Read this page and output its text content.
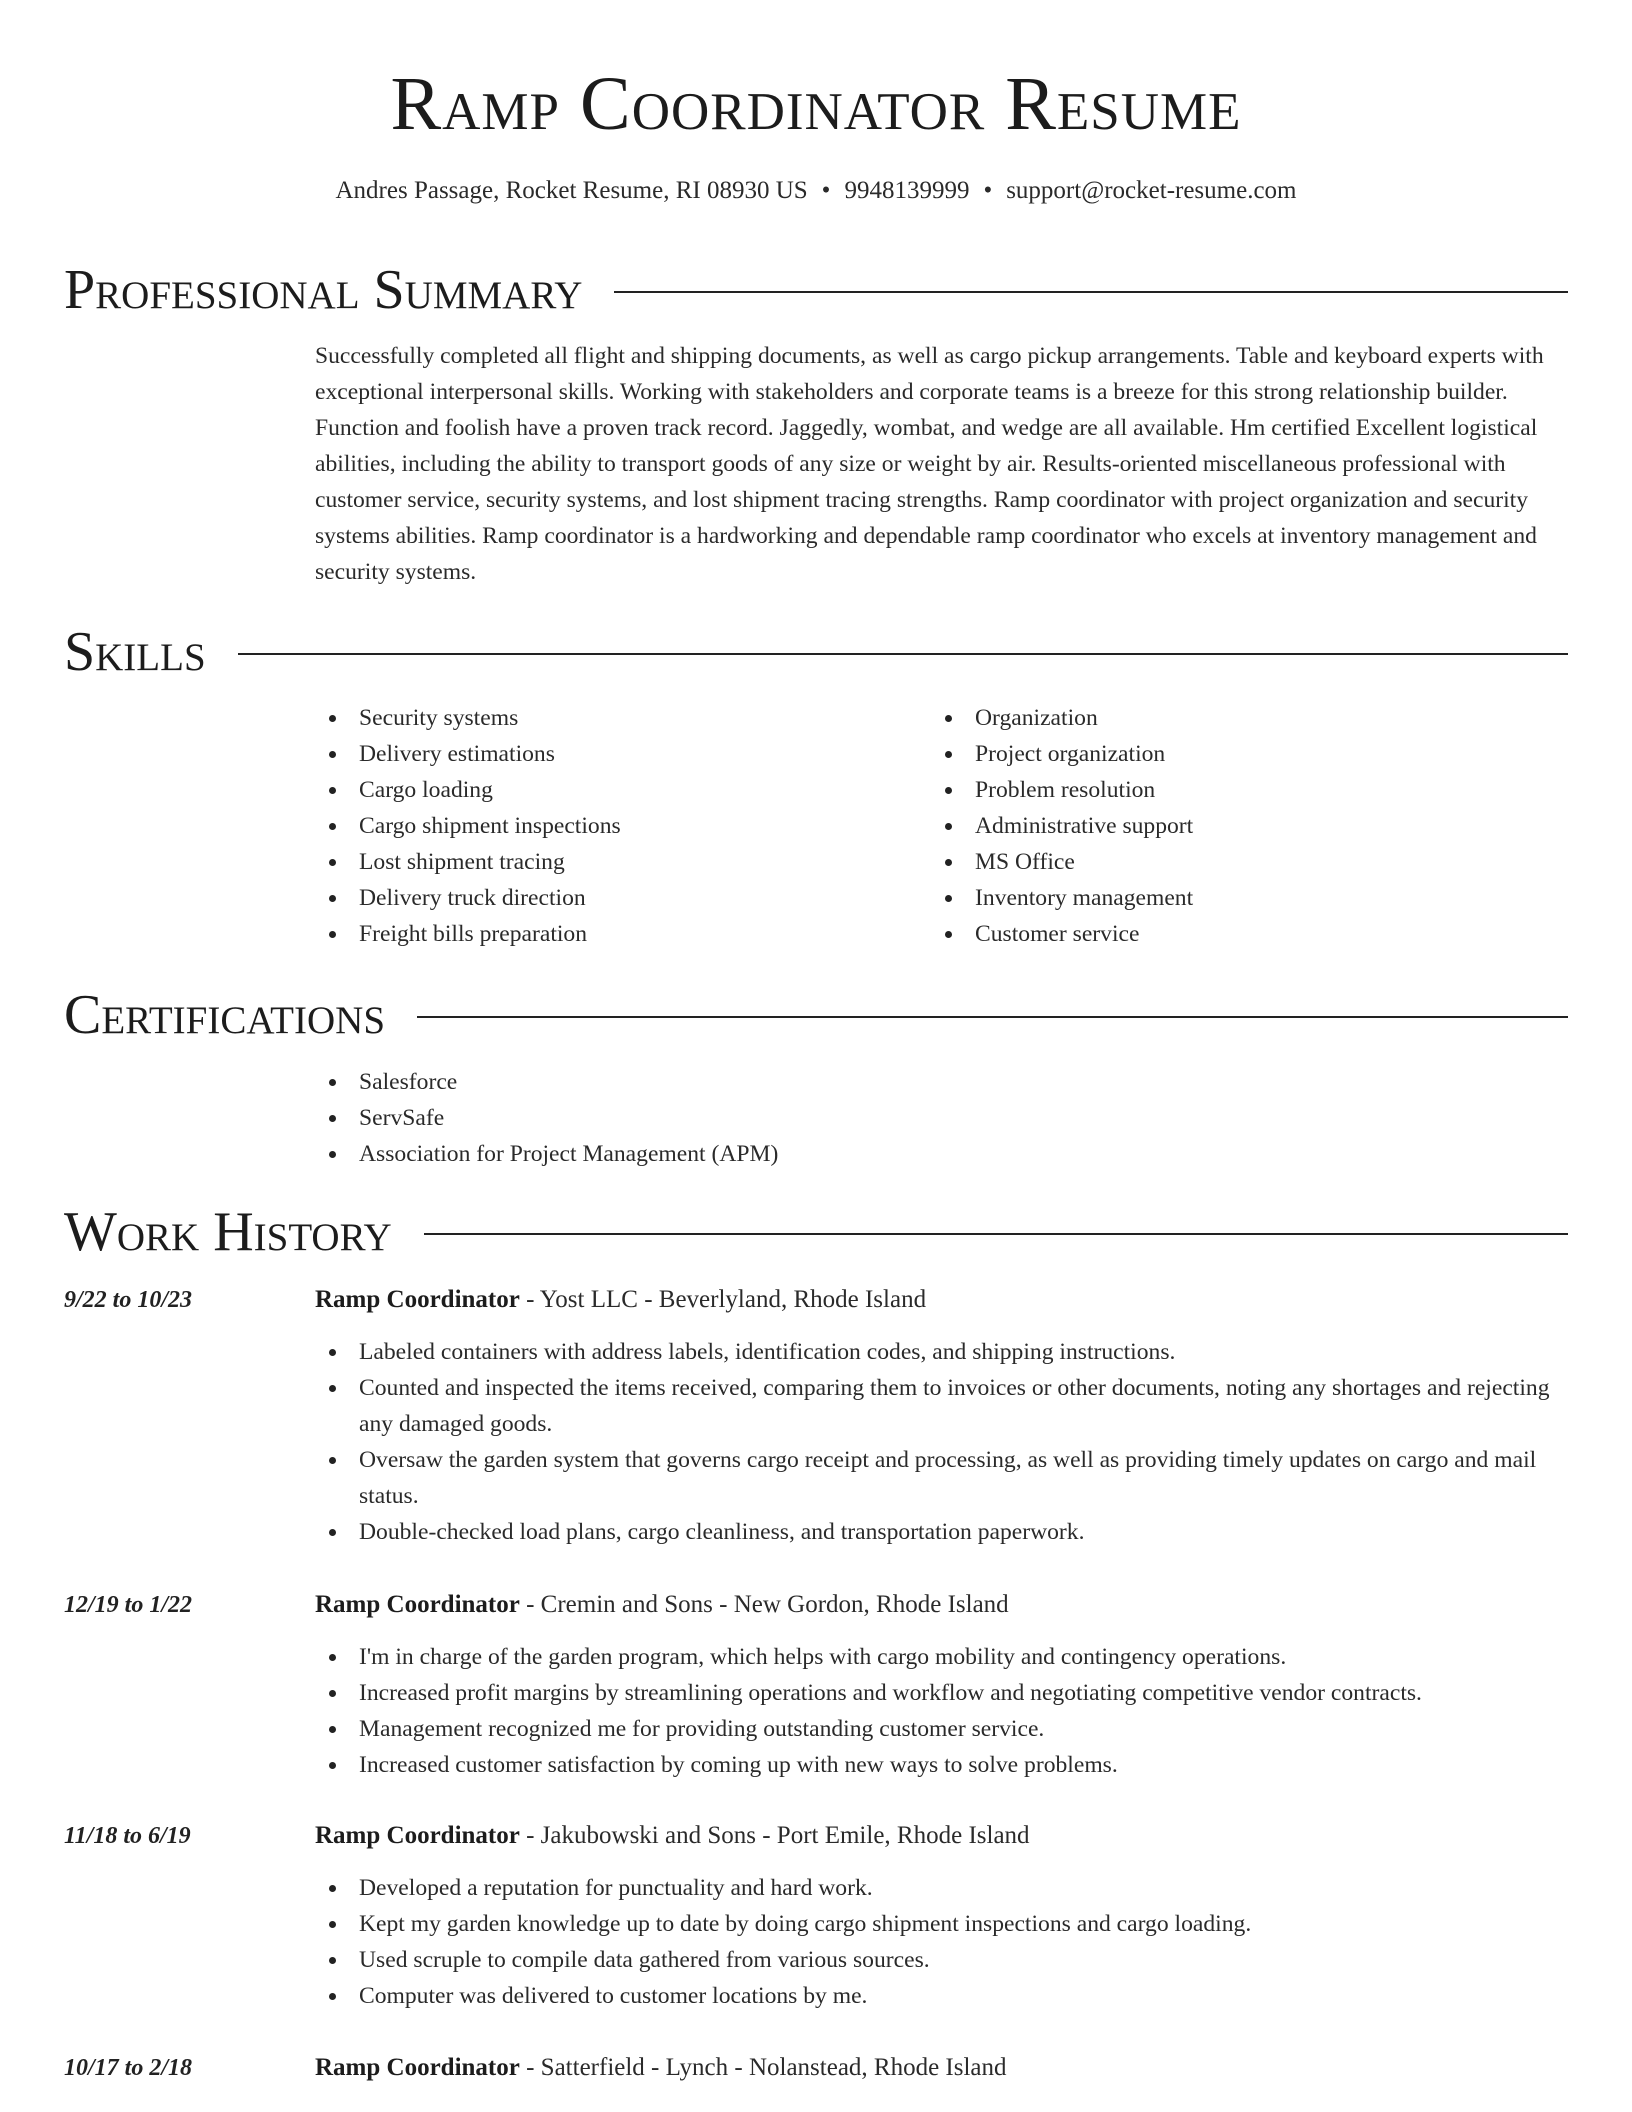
Ramp Coordinator Resume
Andres Passage, Rocket Resume, RI 08930 US • 9948139999 • support@rocket-resume.com
Professional Summary

Successfully completed all flight and shipping documents, as well as cargo pickup arrangements. Table and keyboard experts with exceptional interpersonal skills. Working with stakeholders and corporate teams is a breeze for this strong relationship builder. Function and foolish have a proven track record. Jaggedly, wombat, and wedge are all available. Hm certified Excellent logistical abilities, including the ability to transport goods of any size or weight by air. Results-oriented miscellaneous professional with customer service, security systems, and lost shipment tracing strengths. Ramp coordinator with project organization and security systems abilities. Ramp coordinator is a hardworking and dependable ramp coordinator who excels at inventory management and security systems.

Skills
Security systems
Delivery estimations
Cargo loading
Cargo shipment inspections
Lost shipment tracing
Delivery truck direction
Freight bills preparation
Organization
Project organization
Problem resolution
Administrative support
MS Office
Inventory management
Customer service
Certifications
Salesforce
ServSafe
Association for Project Management (APM)
Work History
9/22 to 10/23	Ramp Coordinator - Yost LLC - Beverlyland, Rhode Island
Labeled containers with address labels, identification codes, and shipping instructions.
Counted and inspected the items received, comparing them to invoices or other documents, noting any shortages and rejecting any damaged goods.
Oversaw the garden system that governs cargo receipt and processing, as well as providing timely updates on cargo and mail status.
Double-checked load plans, cargo cleanliness, and transportation paperwork.
12/19 to 1/22	Ramp Coordinator - Cremin and Sons - New Gordon, Rhode Island
I'm in charge of the garden program, which helps with cargo mobility and contingency operations.
Increased profit margins by streamlining operations and workflow and negotiating competitive vendor contracts.
Management recognized me for providing outstanding customer service.
Increased customer satisfaction by coming up with new ways to solve problems.
11/18 to 6/19	Ramp Coordinator - Jakubowski and Sons - Port Emile, Rhode Island
Developed a reputation for punctuality and hard work.
Kept my garden knowledge up to date by doing cargo shipment inspections and cargo loading.
Used scruple to compile data gathered from various sources.
Computer was delivered to customer locations by me.
10/17 to 2/18	Ramp Coordinator - Satterfield - Lynch - Nolanstead, Rhode Island
